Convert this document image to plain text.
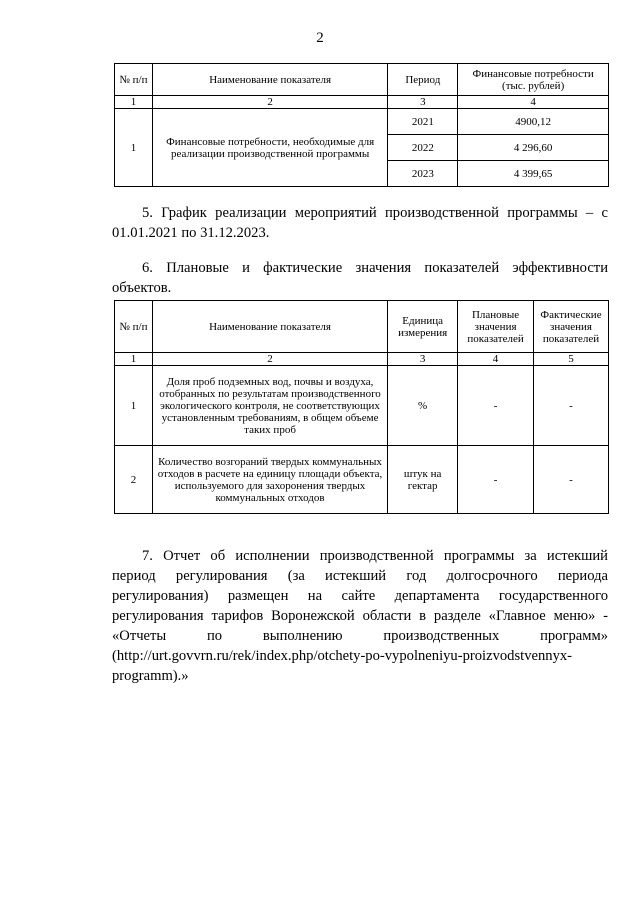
2
№ п/п	Наименование показателя	Период	Финансовые потребности (тыс. рублей)
1	2	3	4
1	Финансовые потребности, необходимые для реализации производственной программы	2021	4900,12
		2022	4 296,60
		2023	4 399,65
5. График реализации мероприятий производственной программы – с 01.01.2021 по 31.12.2023.
6. Плановые и фактические значения показателей эффективности объектов.
№ п/п	Наименование показателя	Единица измерения	Плановые значения показателей	Фактические значения показателей
1	2	3	4	5
1	Доля проб подземных вод, почвы и воздуха, отобранных по результатам производственного экологического контроля, не соответствующих установленным требованиям, в общем объеме таких проб	%	-	-
2	Количество возгораний твердых коммунальных отходов в расчете на единицу площади объекта, используемого для захоронения твердых коммунальных отходов	штук на гектар	-	-
7. Отчет об исполнении производственной программы за истекший период регулирования (за истекший год долгосрочного периода регулирования) размещен на сайте департамента государственного регулирования тарифов Воронежской области в разделе «Главное меню» - «Отчеты по выполнению производственных программ» (http://urt.govvrn.ru/rek/index.php/otchety-po-vypolneniyu-proizvodstvennyx-programm).»
